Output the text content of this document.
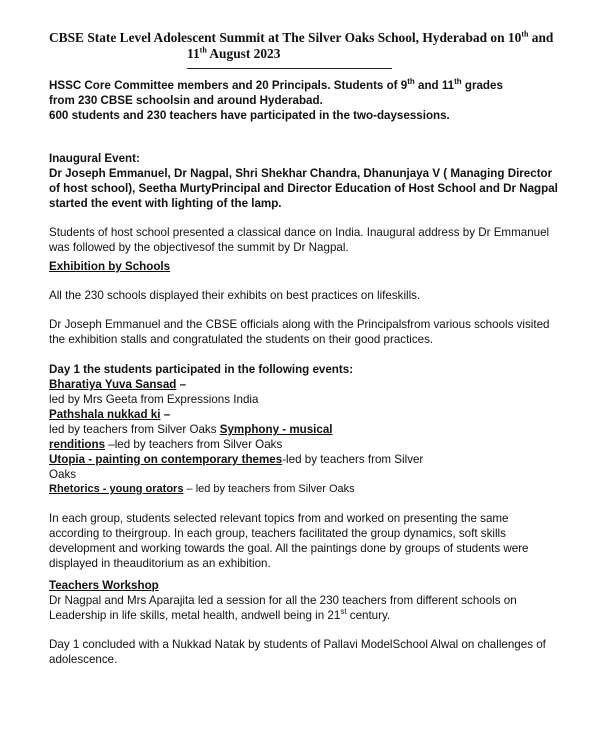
CBSE State Level Adolescent Summit at The Silver Oaks School, Hyderabad on 10th and

11th August 2023

HSSC Core Committee members and 20 Principals. Students of 9th and 11th grades

from 230 CBSE schoolsin and around Hyderabad.

600 students and 230 teachers have participated in the two-daysessions.

Inaugural Event:

Dr Joseph Emmanuel, Dr Nagpal, Shri Shekhar Chandra, Dhanunjaya V ( Managing Director

of host school), Seetha MurtyPrincipal and Director Education of Host School and Dr Nagpal

started the event with lighting of the lamp.

Students of host school presented a classical dance on India. Inaugural address by Dr Emmanuel

was followed by the objectivesof the summit by Dr Nagpal.

Exhibition by Schools

All the 230 schools displayed their exhibits on best practices on lifeskills.

Dr Joseph Emmanuel and the CBSE officials along with the Principalsfrom various schools visited

the exhibition stalls and congratulated the students on their good practices.

Day 1 the students participated in the following events:

Bharatiya Yuva Sansad –

led by Mrs Geeta from Expressions India

Pathshala nukkad ki –

led by teachers from Silver Oaks Symphony - musical

renditions –led by teachers from Silver Oaks

Utopia - painting on contemporary themes-led by teachers from Silver

Oaks

Rhetorics - young orators – led by teachers from Silver Oaks

In each group, students selected relevant topics from and worked on presenting the same

according to theirgroup. In each group, teachers facilitated the group dynamics, soft skills

development and working towards the goal. All the paintings done by groups of students were

displayed in theauditorium as an exhibition.

Teachers Workshop

Dr Nagpal and Mrs Aparajita led a session for all the 230 teachers from different schools on

Leadership in life skills, metal health, andwell being in 21st century.

Day 1 concluded with a Nukkad Natak by students of Pallavi ModelSchool Alwal on challenges of

adolescence.
